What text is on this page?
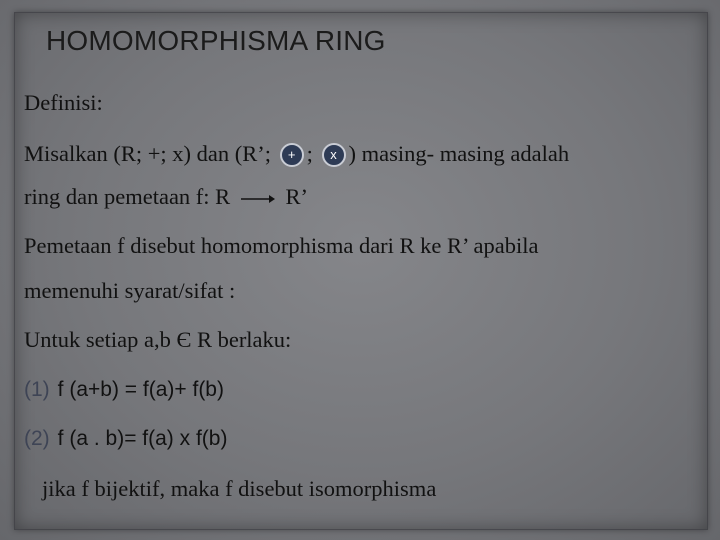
HOMOMORPHISMA RING
Definisi:
Misalkan (R; +; x) dan (R’; + ; x ) masing- masing adalah
ring dan pemetaan f: R R’
Pemetaan f disebut homomorphisma dari R ke R’ apabila
memenuhi syarat/sifat :
Untuk setiap a,b Є R berlaku:
(1) f (a+b) = f(a)+ f(b)
(2) f (a . b)= f(a) x f(b)
jika f bijektif, maka f disebut isomorphisma
